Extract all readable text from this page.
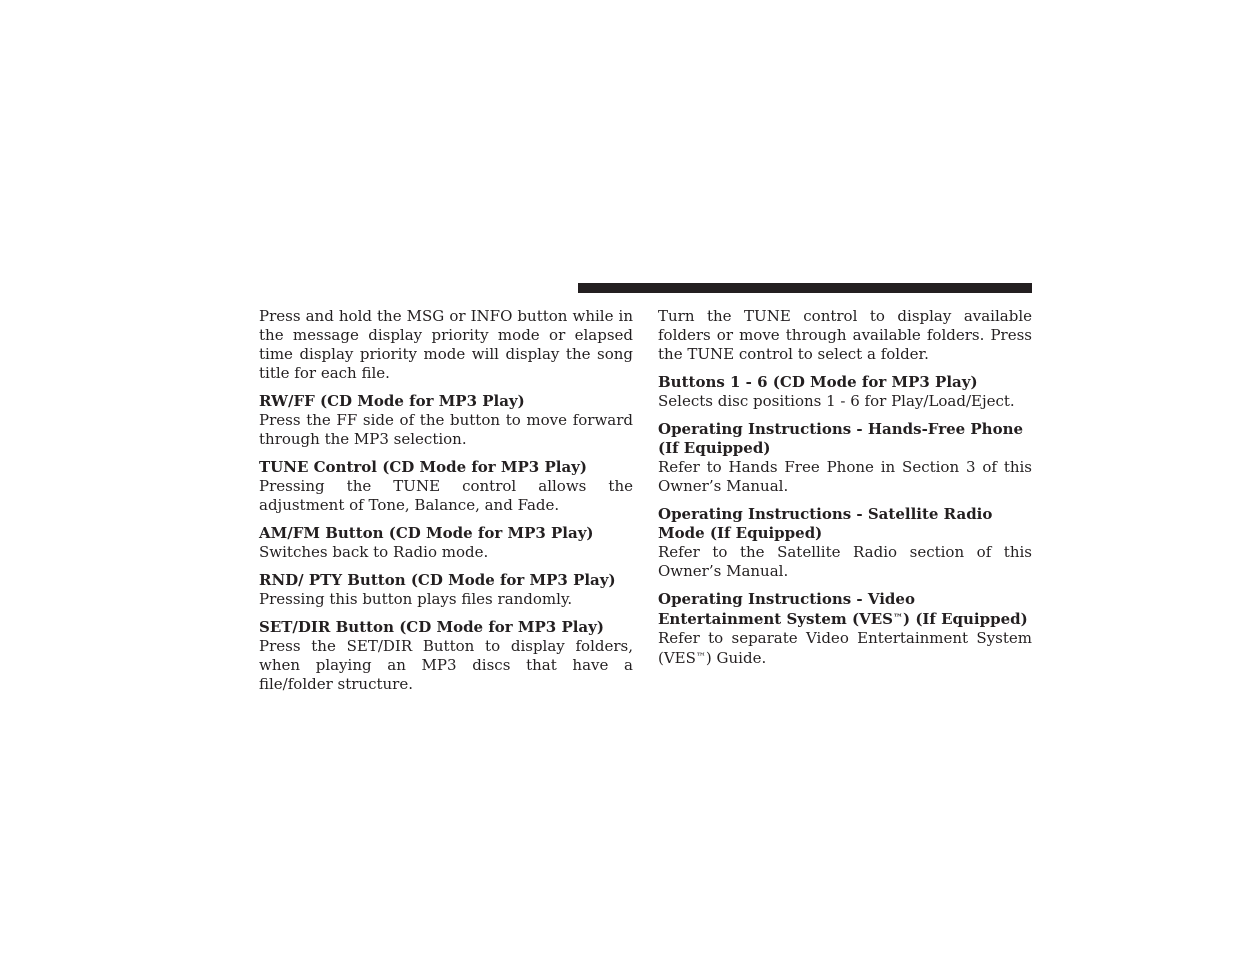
Press and hold the MSG or INFO button while in the message display priority mode or elapsed time display priority mode will display the song title for each file.

RW/FF (CD Mode for MP3 Play)

Press the FF side of the button to move forward through the MP3 selection.

TUNE Control (CD Mode for MP3 Play)

Pressing the TUNE control allows the adjustment of Tone, Balance, and Fade.

AM/FM Button (CD Mode for MP3 Play)

Switches back to Radio mode.

RND/ PTY Button (CD Mode for MP3 Play)

Pressing this button plays files randomly.

SET/DIR Button (CD Mode for MP3 Play)

Press the SET/DIR Button to display folders, when playing an MP3 discs that have a file/folder structure.

Turn the TUNE control to display available folders or move through available folders. Press the TUNE control to select a folder.

Buttons 1 - 6 (CD Mode for MP3 Play)

Selects disc positions 1 - 6 for Play/Load/Eject.

Operating Instructions - Hands-Free Phone (If Equipped)

Refer to Hands Free Phone in Section 3 of this Owner’s Manual.

Operating Instructions - Satellite Radio Mode (If Equipped)

Refer to the Satellite Radio section of this Owner’s Manual.

Operating Instructions - Video Entertainment System (VES™) (If Equipped)

Refer to separate Video Entertainment System (VES™) Guide.
